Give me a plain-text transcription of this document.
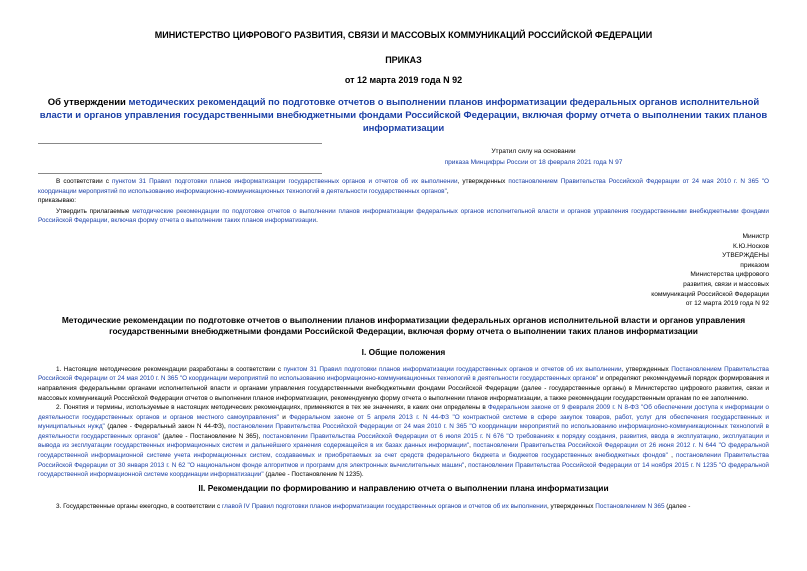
МИНИСТЕРСТВО ЦИФРОВОГО РАЗВИТИЯ, СВЯЗИ И МАССОВЫХ КОММУНИКАЦИЙ РОССИЙСКОЙ ФЕДЕРАЦИИ
ПРИКАЗ
от 12 марта 2019 года N 92
Об утверждении методических рекомендаций по подготовке отчетов о выполнении планов информатизации федеральных органов исполнительной власти и органов управления государственными внебюджетными фондами Российской Федерации, включая форму отчета о выполнении таких планов информатизации
Утратил силу на основании
приказа Минцифры России от 18 февраля 2021 года N 97
В соответствии с пунктом 31 Правил подготовки планов информатизации государственных органов и отчетов об их выполнении, утвержденных постановлением Правительства Российской Федерации от 24 мая 2010 г. N 365 "О координации мероприятий по использованию информационно-коммуникационных технологий в деятельности государственных органов",
приказываю:
Утвердить прилагаемые методические рекомендации по подготовке отчетов о выполнении планов информатизации федеральных органов исполнительной власти и органов управления государственными внебюджетными фондами Российской Федерации, включая форму отчета о выполнении таких планов информатизации.
Министр
К.Ю.Носков
УТВЕРЖДЕНЫ
приказом
Министерства цифрового
развития, связи и массовых
коммуникаций Российской Федерации
от 12 марта 2019 года N 92
Методические рекомендации по подготовке отчетов о выполнении планов информатизации федеральных органов исполнительной власти и органов управления государственными внебюджетными фондами Российской Федерации, включая форму отчета о выполнении таких планов информатизации
I. Общие положения
1. Настоящие методические рекомендации разработаны в соответствии с пунктом 31 Правил подготовки планов информатизации государственных органов и отчетов об их выполнении, утвержденных Постановлением Правительства Российской Федерации от 24 мая 2010 г. N 365 "О координации мероприятий по использованию информационно-коммуникационных технологий в деятельности государственных органов" и определяют рекомендуемый порядок формирования и направления федеральными органами исполнительной власти и органами управления государственными внебюджетными фондами Российской Федерации (далее - государственные органы) в Министерство цифрового развития, связи и массовых коммуникаций Российской Федерации отчетов о выполнении планов информатизации, рекомендуемую форму отчета о выполнении планов информатизации, а также рекомендации государственным органам по ее заполнению.
2. Понятия и термины, используемые в настоящих методических рекомендациях, применяются в тех же значениях, в каких они определены в Федеральном законе от 9 февраля 2009 г. N 8-ФЗ "Об обеспечении доступа к информации о деятельности государственных органов и органов местного самоуправления" и Федеральном законе от 5 апреля 2013 г. N 44-ФЗ "О контрактной системе в сфере закупок товаров, работ, услуг для обеспечения государственных и муниципальных нужд" (далее - Федеральный закон N 44-ФЗ), постановлении Правительства Российской Федерации от 24 мая 2010 г. N 365 "О координации мероприятий по использованию информационно-коммуникационных технологий в деятельности государственных органов" (далее - Постановление N 365), постановлении Правительства Российской Федерации от 6 июля 2015 г. N 676 "О требованиях к порядку создания, развития, ввода в эксплуатацию, эксплуатации и вывода из эксплуатации государственных информационных систем и дальнейшего хранения содержащейся в их базах данных информации", постановлении Правительства Российской Федерации от 26 июня 2012 г. N 644 "О федеральной государственной информационной системе учета информационных систем, создаваемых и приобретаемых за счет средств федерального бюджета и бюджетов государственных внебюджетных фондов" , постановлении Правительства Российской Федерации от 30 января 2013 г. N 62 "О национальном фонде алгоритмов и программ для электронных вычислительных машин", постановлении Правительства Российской Федерации от 14 ноября 2015 г. N 1235 "О федеральной государственной информационной системе координации информатизации" (далее - Постановление N 1235).
II. Рекомендации по формированию и направлению отчета о выполнении плана информатизации
3. Государственные органы ежегодно, в соответствии с главой IV Правил подготовки планов информатизации государственных органов и отчетов об их выполнении, утвержденных Постановлением N 365 (далее -
